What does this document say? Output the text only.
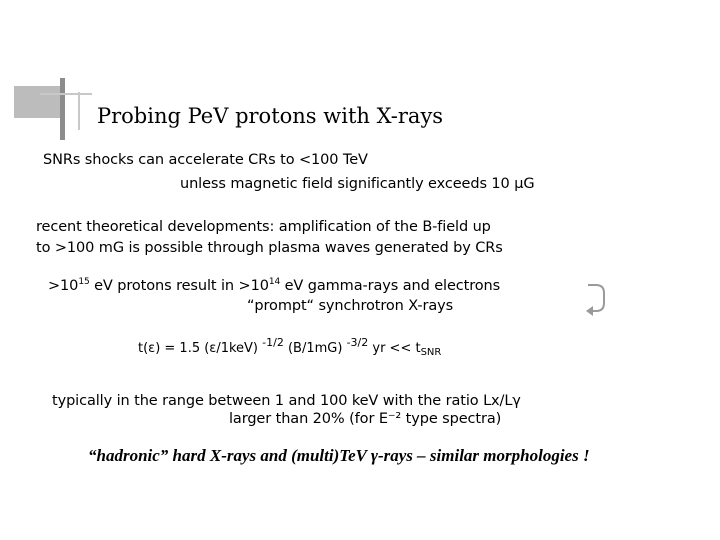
Probing PeV protons with X-rays
SNRs shocks can accelerate CRs to <100 TeV
unless magnetic field significantly exceeds 10 µG
recent theoretical developments: amplification of the B-field up
to >100 mG is possible through plasma waves generated by CRs
$>10^{15}$ eV protons result in $>10^{14}$ eV gamma-rays and electrons
“prompt“ synchrotron X-rays
t(ε) = 1.5 (ε/1keV) $^{-1/2}$ (B/1mG) $^{-3/2}$ yr << $t_{SNR}$
typically in the range between 1 and 100 keV with the ratio Lx/Lγ
larger than 20% (for E⁻² type spectra)
“hadronic” hard X-rays and (multi)TeV γ-rays – similar morphologies !
